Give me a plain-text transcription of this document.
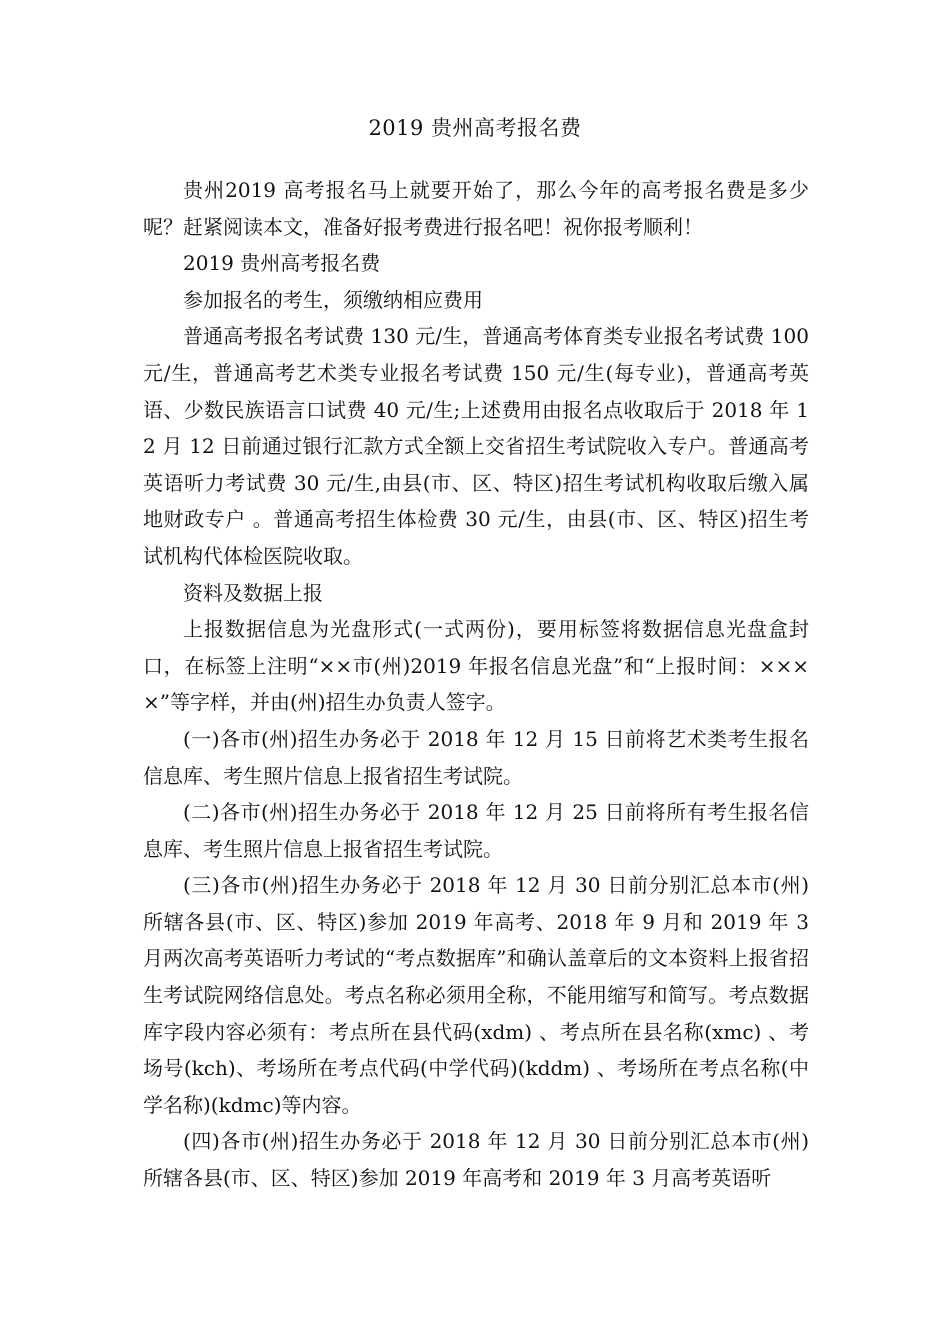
2019 贵州高考报名费

贵州2019 高考报名马上就要开始了，那么今年的高考报名费是多少呢？赶紧阅读本文，准备好报考费进行报名吧！祝你报考顺利！

2019 贵州高考报名费

参加报名的考生，须缴纳相应费用

普通高考报名考试费 130 元/生，普通高考体育类专业报名考试费 100 元/生，普通高考艺术类专业报名考试费 150 元/生(每专业)，普通高考英语、少数民族语言口试费 40 元/生;上述费用由报名点收取后于 2018 年 12 月 12 日前通过银行汇款方式全额上交省招生考试院收入专户。普通高考英语听力考试费 30 元/生,由县(市、区、特区)招生考试机构收取后缴入属地财政专户 。普通高考招生体检费 30 元/生，由县(市、区、特区)招生考试机构代体检医院收取。

资料及数据上报

上报数据信息为光盘形式(一式两份)，要用标签将数据信息光盘盒封口，在标签上注明“××市(州)2019 年报名信息光盘”和“上报时间：××××”等字样，并由(州)招生办负责人签字。

(一)各市(州)招生办务必于 2018 年 12 月 15 日前将艺术类考生报名信息库、考生照片信息上报省招生考试院。

(二)各市(州)招生办务必于 2018 年 12 月 25 日前将所有考生报名信息库、考生照片信息上报省招生考试院。

(三)各市(州)招生办务必于 2018 年 12 月 30 日前分别汇总本市(州)所辖各县(市、区、特区)参加 2019 年高考、2018 年 9 月和 2019 年 3 月两次高考英语听力考试的“考点数据库”和确认盖章后的文本资料上报省招生考试院网络信息处。考点名称必须用全称，不能用缩写和简写。考点数据库字段内容必须有：考点所在县代码(xdm) 、考点所在县名称(xmc) 、考场号(kch)、考场所在考点代码(中学代码)(kddm) 、考场所在考点名称(中学名称)(kdmc)等内容。

(四)各市(州)招生办务必于 2018 年 12 月 30 日前分别汇总本市(州)所辖各县(市、区、特区)参加 2019 年高考和 2019 年 3 月高考英语听
